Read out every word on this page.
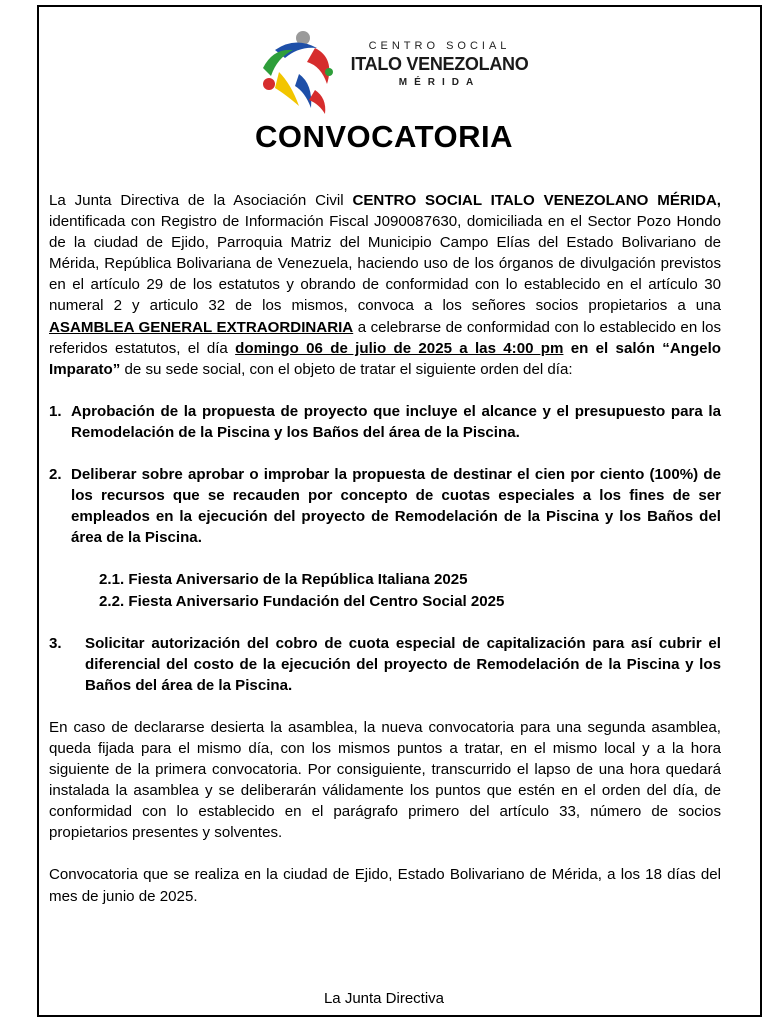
CENTRO SOCIAL
ITALO VENEZOLANO
MÉRIDA
CONVOCATORIA

La Junta Directiva de la Asociación Civil CENTRO SOCIAL ITALO VENEZOLANO MÉRIDA, identificada con Registro de Información Fiscal J090087630, domiciliada en el Sector Pozo Hondo de la ciudad de Ejido, Parroquia Matriz del Municipio Campo Elías del Estado Bolivariano de Mérida, República Bolivariana de Venezuela, haciendo uso de los órganos de divulgación previstos en el artículo 29 de los estatutos y obrando de conformidad con lo establecido en el artículo 30 numeral 2 y articulo 32 de los mismos, convoca a los señores socios propietarios a una ASAMBLEA GENERAL EXTRAORDINARIA a celebrarse de conformidad con lo establecido en los referidos estatutos, el día domingo 06 de julio de 2025 a las 4:00 pm en el salón “Angelo Imparato” de su sede social, con el objeto de tratar el siguiente orden del día:

1. Aprobación de la propuesta de proyecto que incluye el alcance y el presupuesto para la Remodelación de la Piscina y los Baños del área de la Piscina.
2. Deliberar sobre aprobar o improbar la propuesta de destinar el cien por ciento (100%) de los recursos que se recauden por concepto de cuotas especiales a los fines de ser empleados en la ejecución del proyecto de Remodelación de la Piscina y los Baños del área de la Piscina.
2.1. Fiesta Aniversario de la República Italiana 2025
2.2. Fiesta Aniversario Fundación del Centro Social 2025
3.	Solicitar autorización del cobro de cuota especial de capitalización para así cubrir el diferencial del costo de la ejecución del proyecto de Remodelación de la Piscina y los Baños del área de la Piscina.

En caso de declararse desierta la asamblea, la nueva convocatoria para una segunda asamblea, queda fijada para el mismo día, con los mismos puntos a tratar, en el mismo local y a la hora siguiente de la primera convocatoria. Por consiguiente, transcurrido el lapso de una hora quedará instalada la asamblea y se deliberarán válidamente los puntos que estén en el orden del día, de conformidad con lo establecido en el parágrafo primero del artículo 33, número de socios propietarios presentes y solventes.

Convocatoria que se realiza en la ciudad de Ejido, Estado Bolivariano de Mérida, a los 18 días del mes de junio de 2025.

La Junta Directiva
